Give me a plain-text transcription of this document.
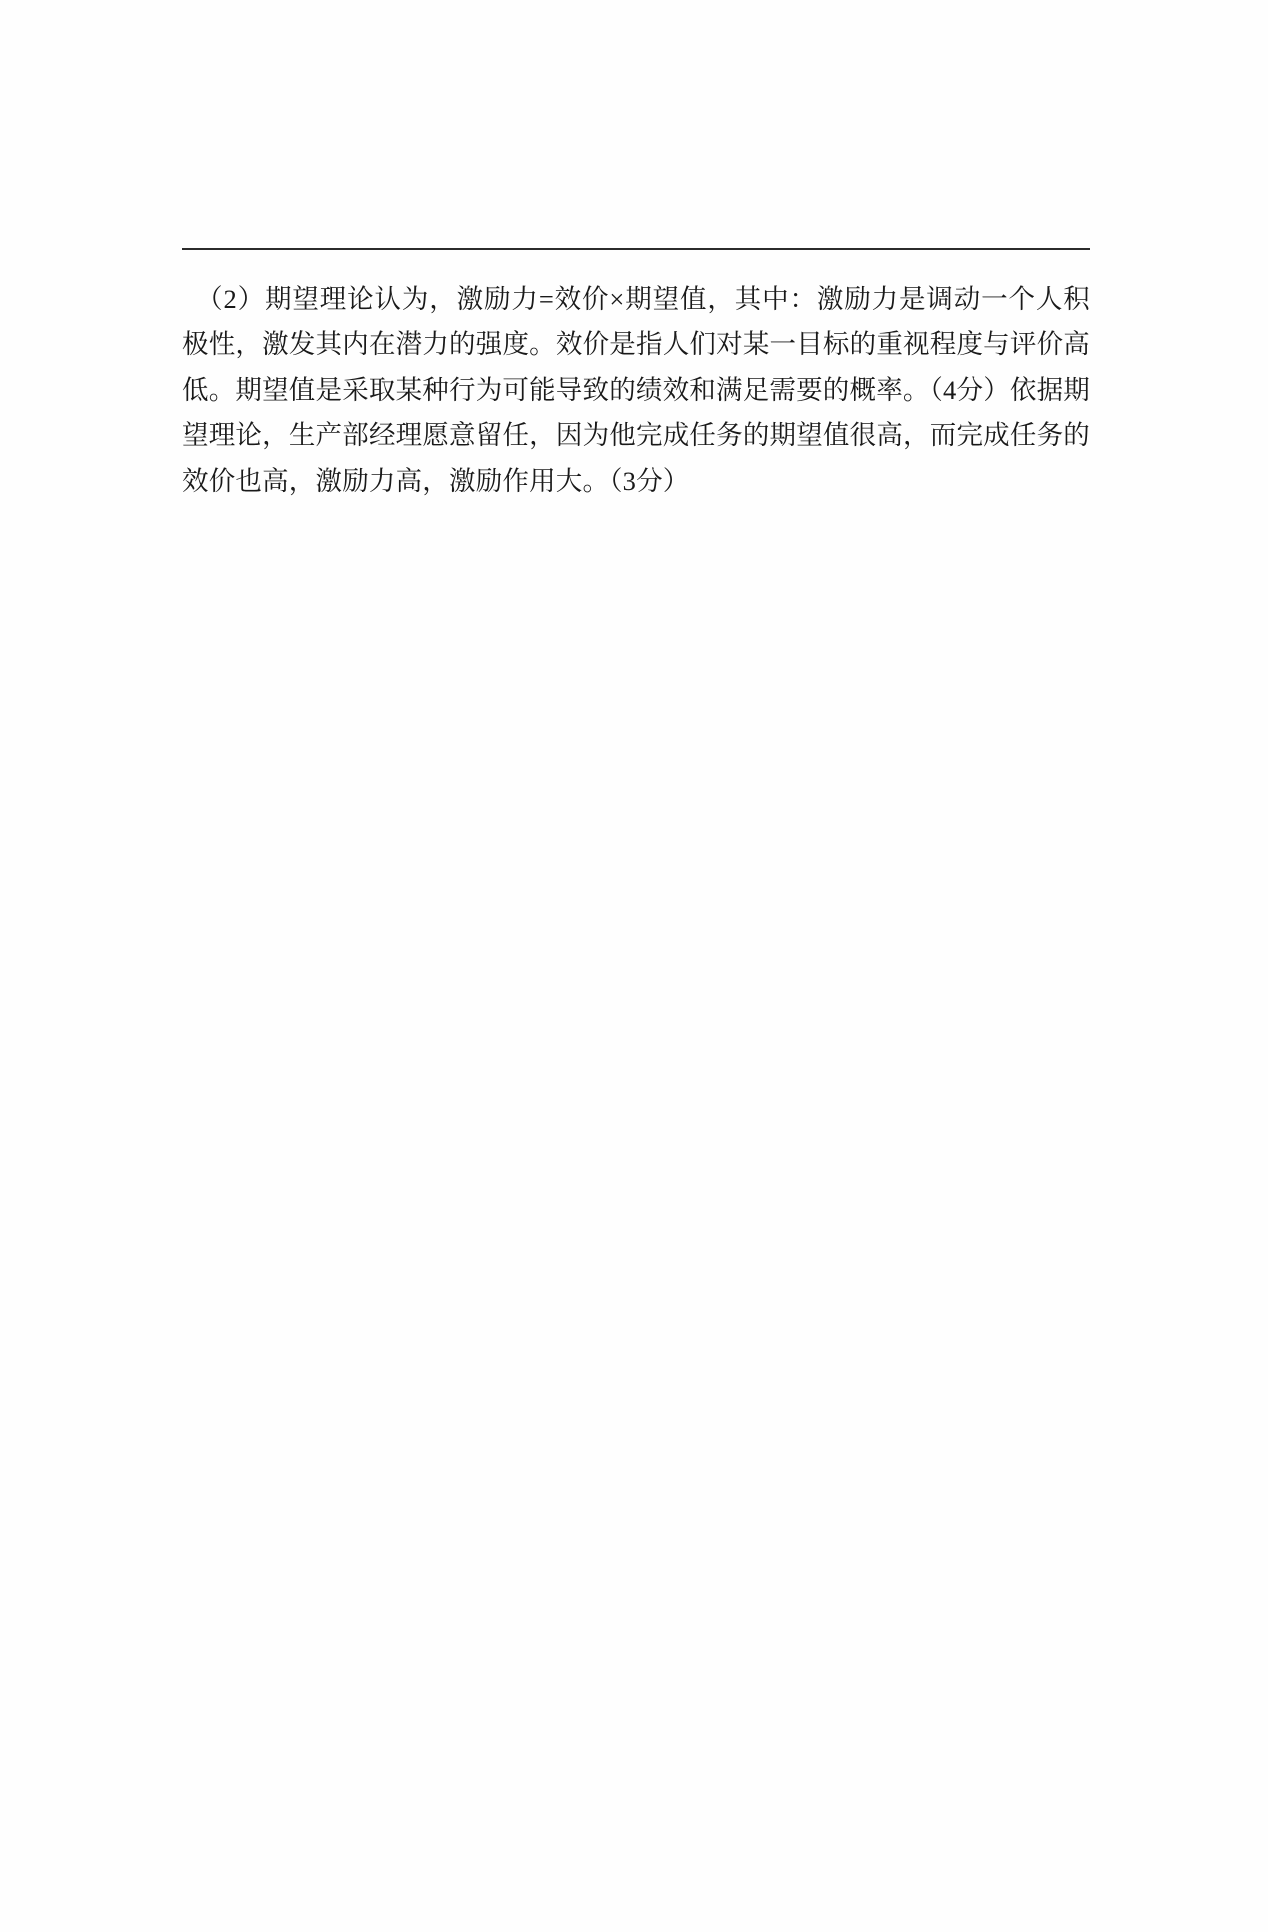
　（2）期望理论认为，激励力=效价×期望值，其中：激励力是调动一个人积极性，激发其内在潜力的强度。效价是指人们对某一目标的重视程度与评价高低。期望值是采取某种行为可能导致的绩效和满足需要的概率。（4分）依据期望理论，生产部经理愿意留任，因为他完成任务的期望值很高，而完成任务的效价也高，激励力高，激励作用大。（3分）
